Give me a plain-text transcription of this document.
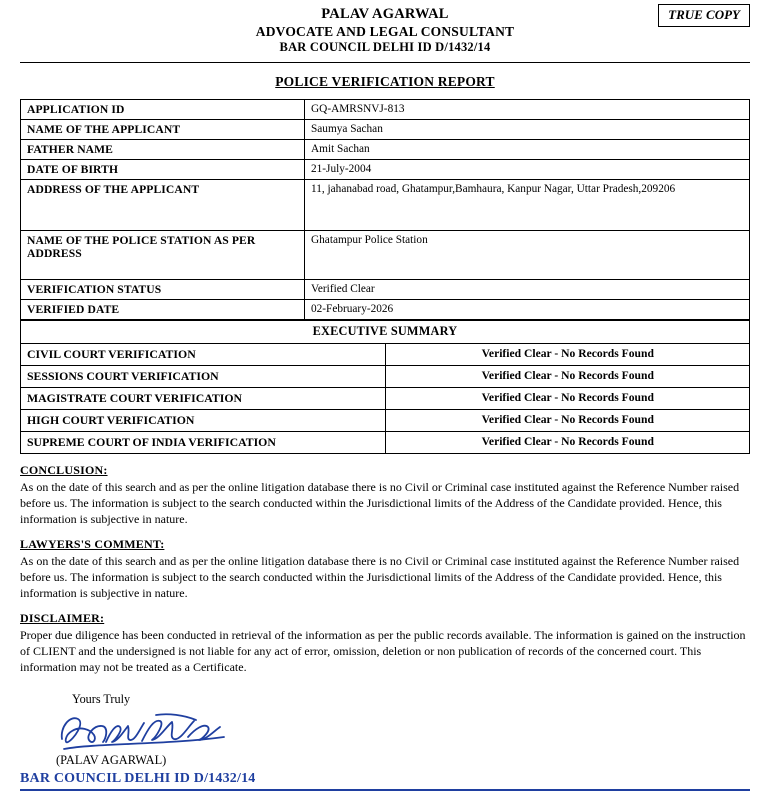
TRUE COPY
PALAV AGARWAL
ADVOCATE AND LEGAL CONSULTANT
BAR COUNCIL DELHI ID D/1432/14
POLICE VERIFICATION REPORT
APPLICATION ID	GQ-AMRSNVJ-813
NAME OF THE APPLICANT	Saumya Sachan
FATHER NAME	Amit Sachan
DATE OF BIRTH	21-July-2004
ADDRESS OF THE APPLICANT	11, jahanabad road, Ghatampur,Bamhaura, Kanpur Nagar, Uttar Pradesh,209206
NAME OF THE POLICE STATION AS PER ADDRESS	Ghatampur Police Station
VERIFICATION STATUS	Verified Clear
VERIFIED DATE	02-February-2026
EXECUTIVE SUMMARY	
CIVIL COURT VERIFICATION	Verified Clear - No Records Found
SESSIONS COURT VERIFICATION	Verified Clear - No Records Found
MAGISTRATE COURT VERIFICATION	Verified Clear - No Records Found
HIGH COURT VERIFICATION	Verified Clear - No Records Found
SUPREME COURT OF INDIA VERIFICATION	Verified Clear - No Records Found
CONCLUSION:
As on the date of this search and as per the online litigation database there is no Civil or Criminal case instituted against the Reference Number raised before us. The information is subject to the search conducted within the Jurisdictional limits of the Address of the Candidate provided. Hence, this information is subjective in nature.
LAWYERS'S COMMENT:
As on the date of this search and as per the online litigation database there is no Civil or Criminal case instituted against the Reference Number raised before us. The information is subject to the search conducted within the Jurisdictional limits of the Address of the Candidate provided. Hence, this information is subjective in nature.
DISCLAIMER:
Proper due diligence has been conducted in retrieval of the information as per the public records available. The information is gained on the instruction of CLIENT and the undersigned is not liable for any act of error, omission, deletion or non publication of records of the concerned court. This information may not be treated as a Certificate.
Yours Truly
(PALAV AGARWAL)
BAR COUNCIL DELHI ID D/1432/14
